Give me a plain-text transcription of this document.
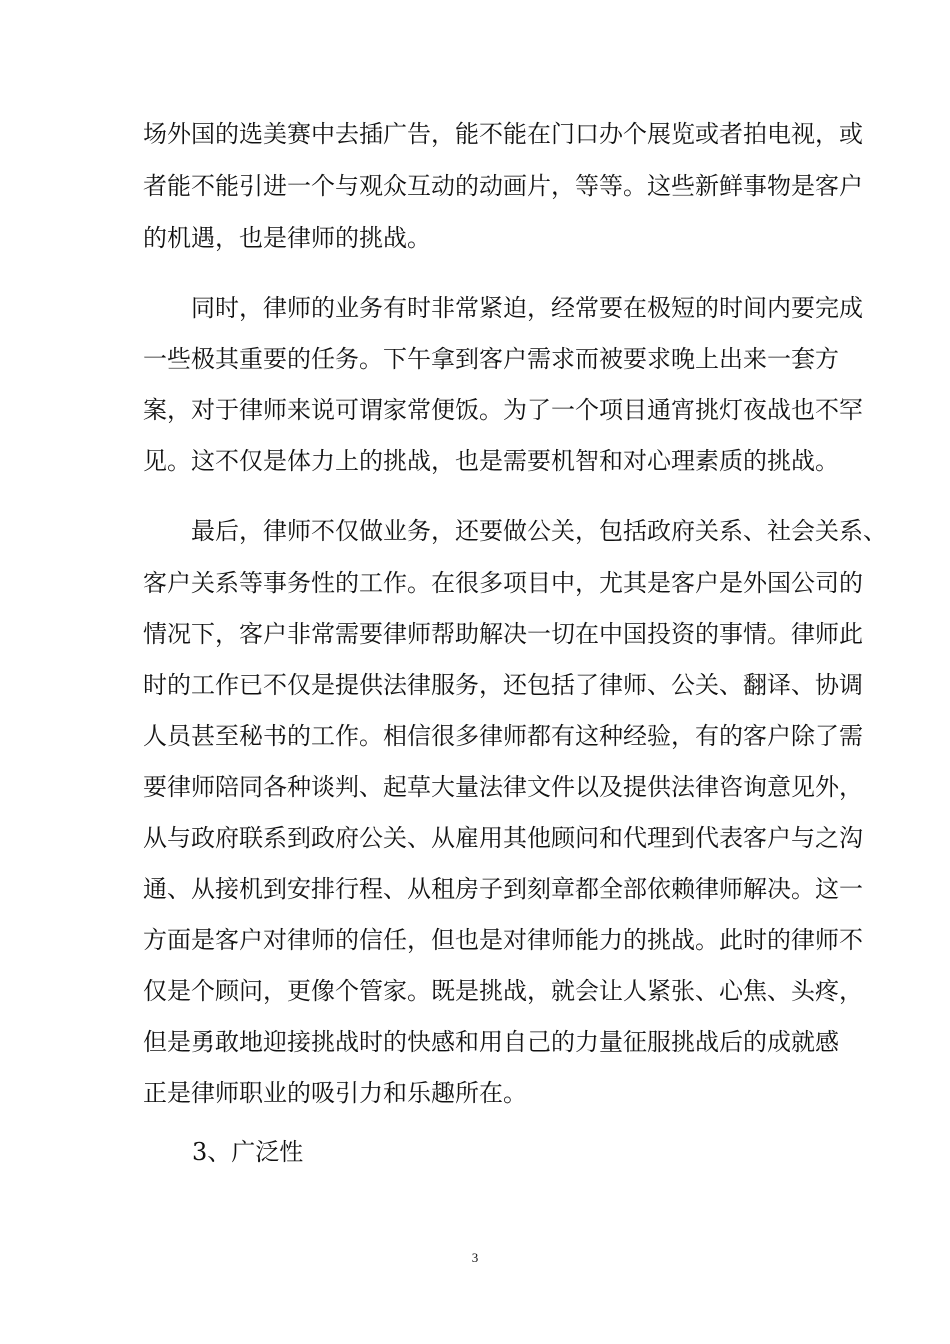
场外国的选美赛中去插广告，能不能在门口办个展览或者拍电视，或
者能不能引进一个与观众互动的动画片，等等。这些新鲜事物是客户
的机遇，也是律师的挑战。
　　同时，律师的业务有时非常紧迫，经常要在极短的时间内要完成
一些极其重要的任务。下午拿到客户需求而被要求晚上出来一套方
案，对于律师来说可谓家常便饭。为了一个项目通宵挑灯夜战也不罕
见。这不仅是体力上的挑战，也是需要机智和对心理素质的挑战。
　　最后，律师不仅做业务，还要做公关，包括政府关系、社会关系、
客户关系等事务性的工作。在很多项目中，尤其是客户是外国公司的
情况下，客户非常需要律师帮助解决一切在中国投资的事情。律师此
时的工作已不仅是提供法律服务，还包括了律师、公关、翻译、协调
人员甚至秘书的工作。相信很多律师都有这种经验，有的客户除了需
要律师陪同各种谈判、起草大量法律文件以及提供法律咨询意见外，
从与政府联系到政府公关、从雇用其他顾问和代理到代表客户与之沟
通、从接机到安排行程、从租房子到刻章都全部依赖律师解决。这一
方面是客户对律师的信任，但也是对律师能力的挑战。此时的律师不
仅是个顾问，更像个管家。既是挑战，就会让人紧张、心焦、头疼，
但是勇敢地迎接挑战时的快感和用自己的力量征服挑战后的成就感
正是律师职业的吸引力和乐趣所在。
3、广泛性
3
